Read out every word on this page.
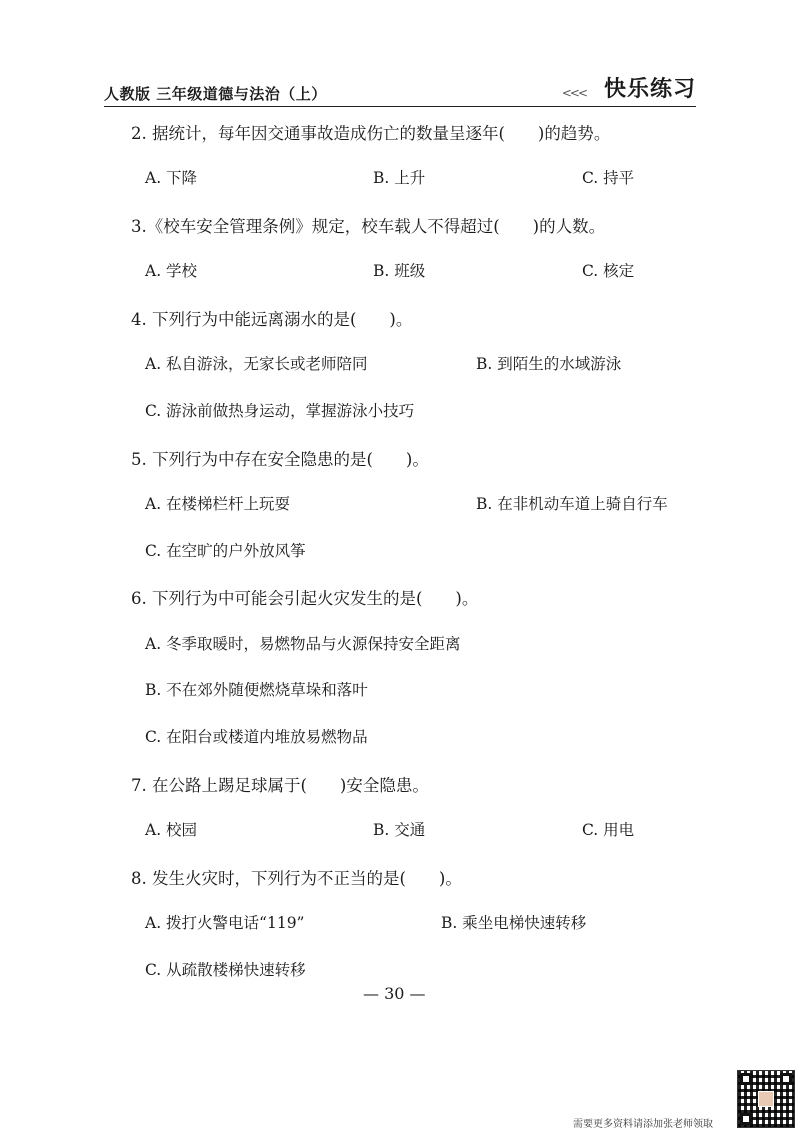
人教版 三年级道德与法治（上）	<<< 快乐练习
2. 据统计，每年因交通事故造成伤亡的数量呈逐年(　　)的趋势。
A. 下降	B. 上升	C. 持平
3.《校车安全管理条例》规定，校车载人不得超过(　　)的人数。
A. 学校	B. 班级	C. 核定
4. 下列行为中能远离溺水的是(　　)。
A. 私自游泳，无家长或老师陪同	B. 到陌生的水域游泳
C. 游泳前做热身运动，掌握游泳小技巧
5. 下列行为中存在安全隐患的是(　　)。
A. 在楼梯栏杆上玩耍	B. 在非机动车道上骑自行车
C. 在空旷的户外放风筝
6. 下列行为中可能会引起火灾发生的是(　　)。
A. 冬季取暖时，易燃物品与火源保持安全距离
B. 不在郊外随便燃烧草垛和落叶
C. 在阳台或楼道内堆放易燃物品
7. 在公路上踢足球属于(　　)安全隐患。
A. 校园	B. 交通	C. 用电
8. 发生火灾时，下列行为不正当的是(　　)。
A. 拨打火警电话“119”	B. 乘坐电梯快速转移
C. 从疏散楼梯快速转移
— 30 —
需要更多资料请添加张老师领取
